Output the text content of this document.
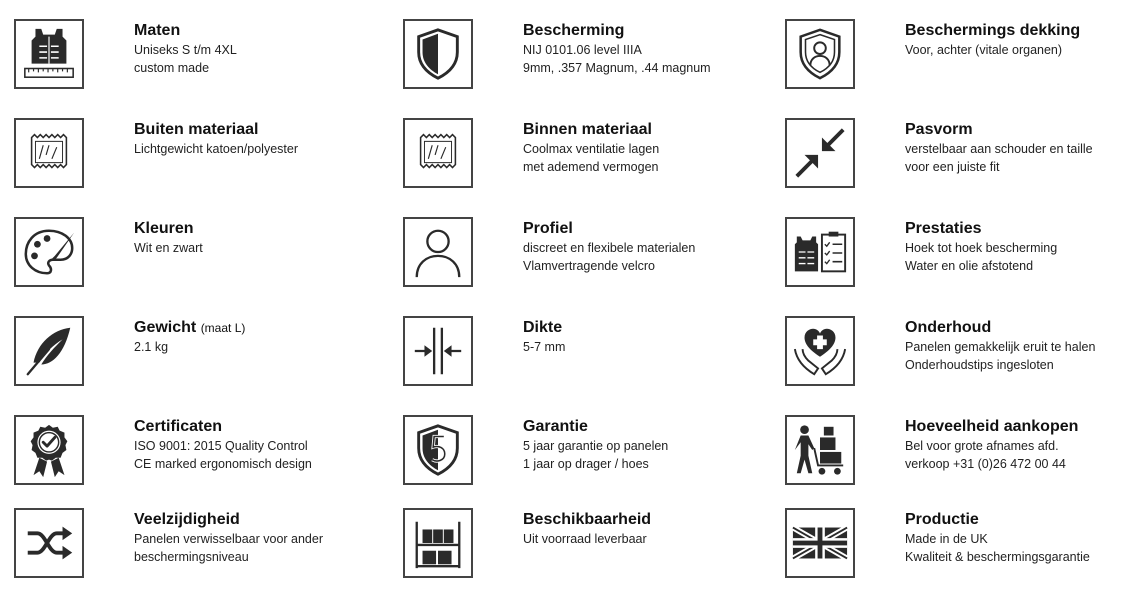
Maten
Uniseks S t/m 4XL
custom made
Buiten materiaal
Lichtgewicht katoen/polyester
Kleuren
Wit en zwart
Gewicht (maat L)
2.1 kg
Certificaten
ISO 9001: 2015 Quality Control
CE marked ergonomisch design
Veelzijdigheid
Panelen verwisselbaar voor ander
beschermingsniveau
Bescherming
NIJ 0101.06 level IIIA
9mm, .357 Magnum, .44 magnum
Binnen materiaal
Coolmax ventilatie lagen
met ademend vermogen
Profiel
discreet en flexibele materialen
Vlamvertragende velcro
Dikte
5-7 mm
Garantie
5 jaar garantie op panelen
1 jaar op drager / hoes
Beschikbaarheid
Uit voorraad leverbaar
Beschermings dekking
Voor, achter (vitale organen)
Pasvorm
verstelbaar aan schouder en taille
voor een juiste fit
Prestaties
Hoek tot hoek bescherming
Water en olie afstotend
Onderhoud
Panelen gemakkelijk eruit te halen
Onderhoudstips ingesloten
Hoeveelheid aankopen
Bel voor grote afnames afd.
verkoop +31 (0)26 472 00 44
Productie
Made in de UK
Kwaliteit & beschermingsgarantie
